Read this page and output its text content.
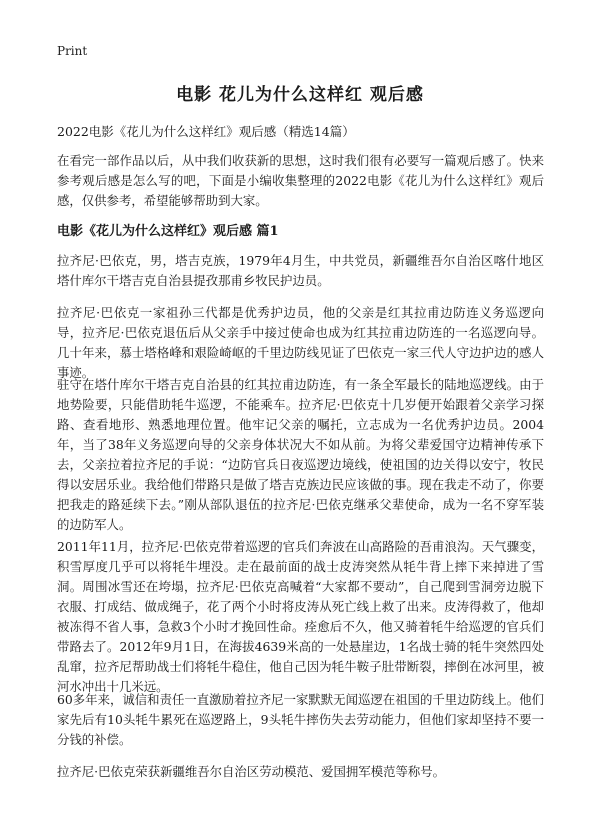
Print
电影 花儿为什么这样红 观后感
2022电影《花儿为什么这样红》观后感（精选14篇）

在看完一部作品以后，从中我们收获新的思想，这时我们很有必要写一篇观后感了。快来参考观后感是怎么写的吧，下面是小编收集整理的2022电影《花儿为什么这样红》观后感，仅供参考，希望能够帮助到大家。

电影《花儿为什么这样红》观后感 篇1

拉齐尼·巴依克，男，塔吉克族，1979年4月生，中共党员，新疆维吾尔自治区喀什地区塔什库尔干塔吉克自治县提孜那甫乡牧民护边员。

拉齐尼·巴依克一家祖孙三代都是优秀护边员，他的父亲是红其拉甫边防连义务巡逻向导，拉齐尼·巴依克退伍后从父亲手中接过使命也成为红其拉甫边防连的一名巡逻向导。几十年来，慕士塔格峰和艰险崎岖的千里边防线见证了巴依克一家三代人守边护边的感人事迹。

驻守在塔什库尔干塔吉克自治县的红其拉甫边防连，有一条全军最长的陆地巡逻线。由于地势险要，只能借助牦牛巡逻，不能乘车。拉齐尼·巴依克十几岁便开始跟着父亲学习探路、查看地形、熟悉地理位置。他牢记父亲的嘱托，立志成为一名优秀护边员。2004年，当了38年义务巡逻向导的父亲身体状况大不如从前。为将父辈爱国守边精神传承下去，父亲拉着拉齐尼的手说：“边防官兵日夜巡逻边境线，使祖国的边关得以安宁，牧民得以安居乐业。我给他们带路只是做了塔吉克族边民应该做的事。现在我走不动了，你要把我走的路延续下去。”刚从部队退伍的拉齐尼·巴依克继承父辈使命，成为一名不穿军装的边防军人。

2011年11月，拉齐尼·巴依克带着巡逻的官兵们奔波在山高路险的吾甫浪沟。天气骤变，积雪厚度几乎可以将牦牛埋没。走在最前面的战士皮涛突然从牦牛背上摔下来掉进了雪洞。周围冰雪还在垮塌，拉齐尼·巴依克高喊着“大家都不要动”，自己爬到雪洞旁边脱下衣服、打成结、做成绳子，花了两个小时将皮涛从死亡线上救了出来。皮涛得救了，他却被冻得不省人事，急救3个小时才挽回性命。痊愈后不久，他又骑着牦牛给巡逻的官兵们带路去了。2012年9月1日，在海拔4639米高的一处悬崖边，1名战士骑的牦牛突然四处乱窜，拉齐尼帮助战士们将牦牛稳住，他自己因为牦牛鞍子肚带断裂，摔倒在冰河里，被河水冲出十几米远。

60多年来，诚信和责任一直激励着拉齐尼一家默默无闻巡逻在祖国的千里边防线上。他们家先后有10头牦牛累死在巡逻路上，9头牦牛摔伤失去劳动能力，但他们家却坚持不要一分钱的补偿。

拉齐尼·巴依克荣获新疆维吾尔自治区劳动模范、爱国拥军模范等称号。
